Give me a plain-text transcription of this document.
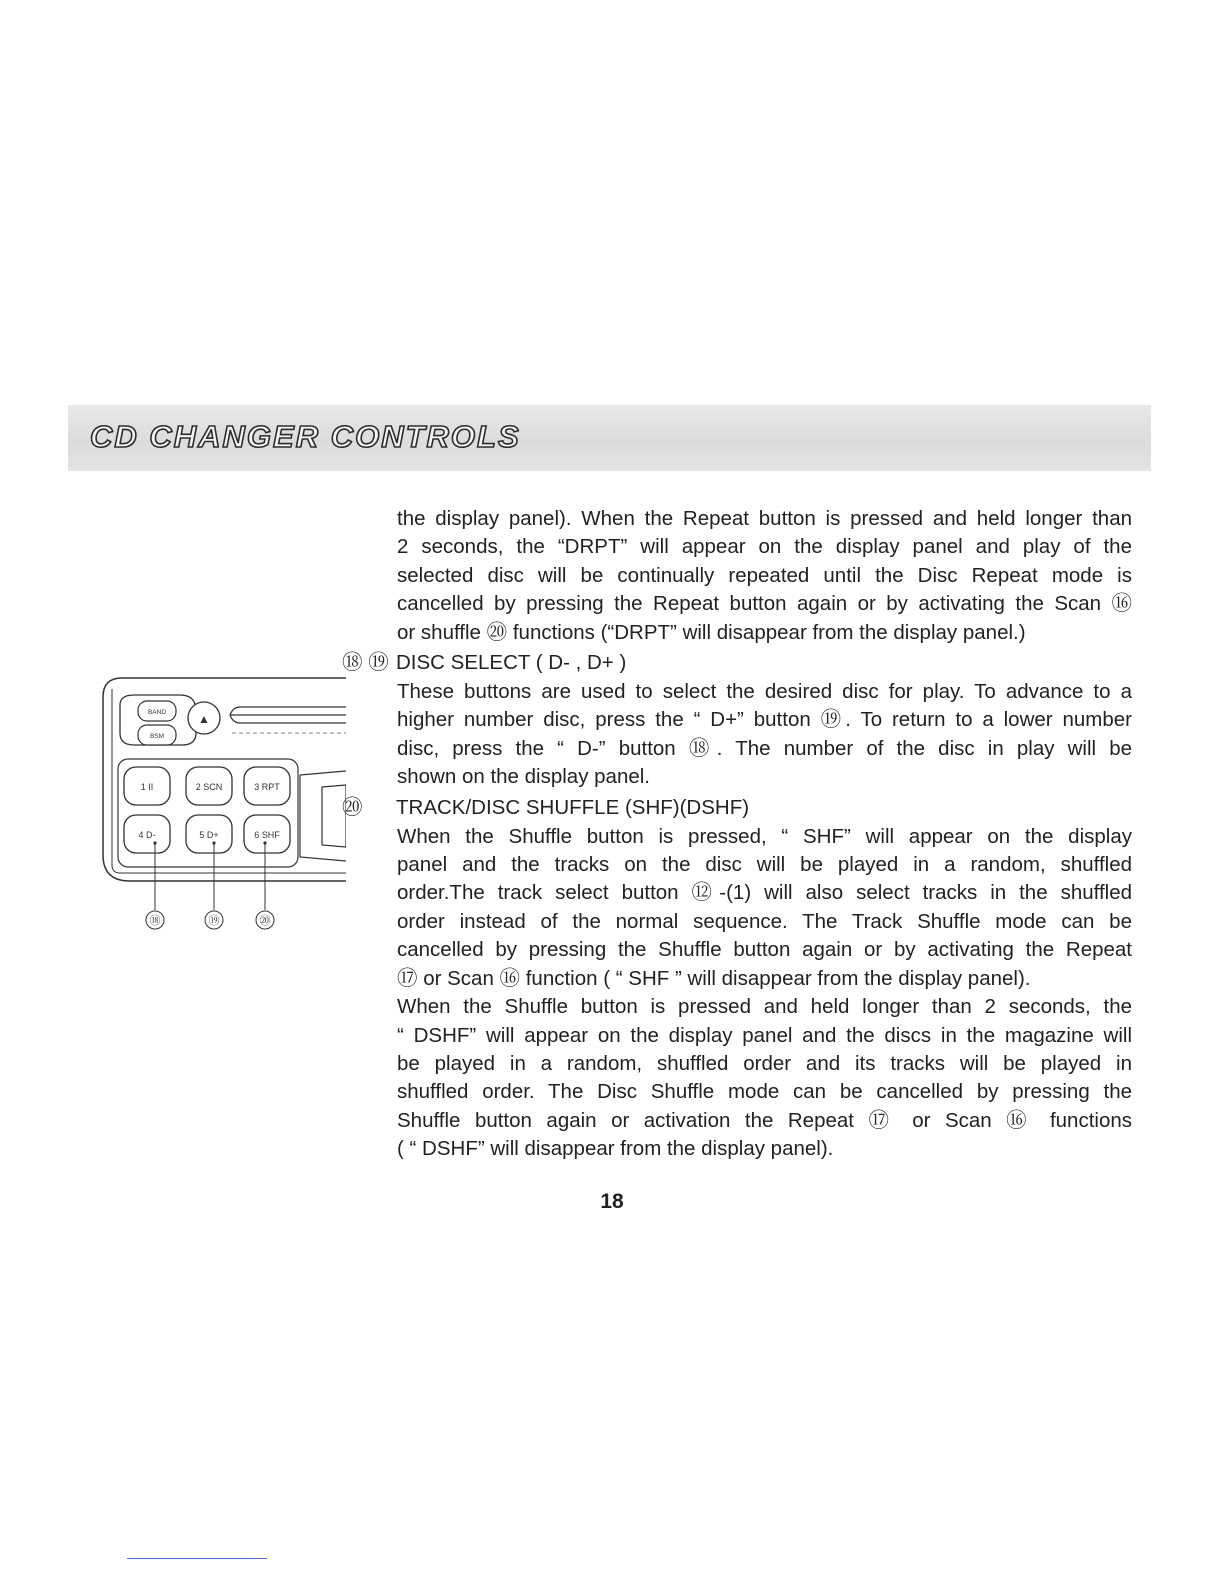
CD CHANGER CONTROLS
BAND
BSM
▲
1 II	2 SCN	3 RPT
4 D-	5 D+	6 SHF
⑱	⑲	⑳
the display panel). When the Repeat button is pressed and held longer than
2 seconds, the “DRPT” will appear on the display panel and play of the
selected disc will be continually repeated until the Disc Repeat mode is
cancelled by pressing the Repeat button again or by activating the Scan ⑯
or shuffle ⑳ functions (“DRPT” will disappear from the display panel.)
⑱ ⑲ DISC SELECT ( D- , D+ )
These buttons are used to select the desired disc for play. To advance to a
higher number disc, press the “ D+” button ⑲. To return to a lower number
disc, press the “ D-” button ⑱. The number of the disc in play will be
shown on the display panel.
⑳ TRACK/DISC SHUFFLE (SHF)(DSHF)
When the Shuffle button is pressed, “ SHF” will appear on the display
panel and the tracks on the disc will be played in a random, shuffled
order.The track select button ⑫-(1) will also select tracks in the shuffled
order instead of the normal sequence. The Track Shuffle mode can be
cancelled by pressing the Shuffle button again or by activating the Repeat
⑰ or Scan ⑯ function ( “ SHF ” will disappear from the display panel).
When the Shuffle button is pressed and held longer than 2 seconds, the
“ DSHF” will appear on the display panel and the discs in the magazine will
be played in a random, shuffled order and its tracks will be played in
shuffled order. The Disc Shuffle mode can be cancelled by pressing the
Shuffle button again or activation the Repeat ⑰ or Scan ⑯ functions
( “ DSHF” will disappear from the display panel).
18
